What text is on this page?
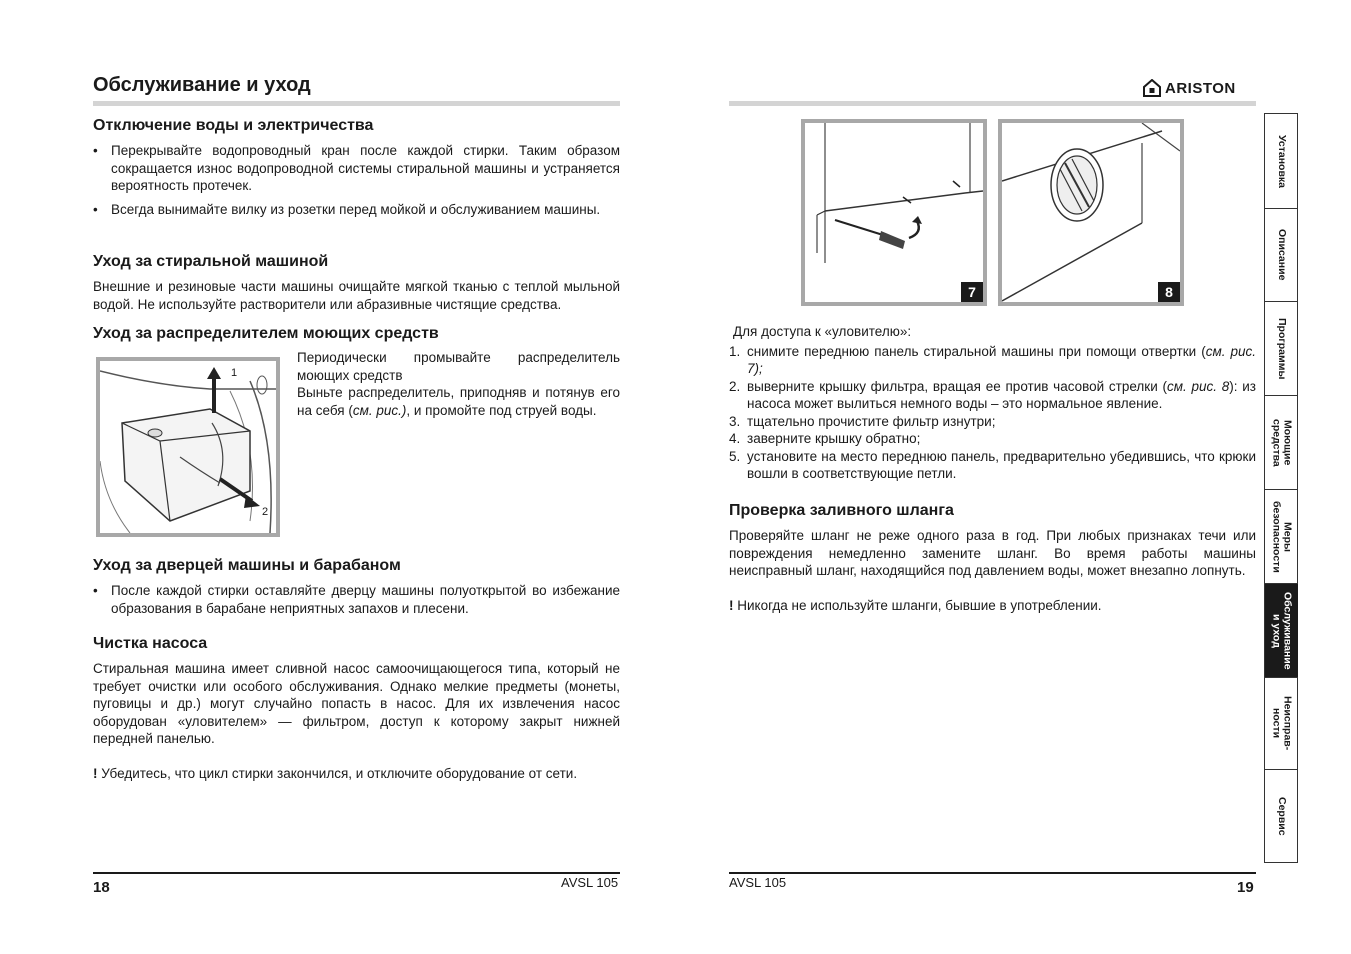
Обслуживание и уход
Отключение воды и электричества

• Перекрывайте водопроводный кран после каждой стирки. Таким образом сокращается износ водопроводной системы стиральной машины и устраняется вероятность протечек.

• Всегда вынимайте вилку из розетки перед мойкой и обслуживанием машины.

Уход за стиральной машиной

Внешние и резиновые части машины очищайте мягкой тканью с теплой мыльной водой. Не используйте растворители или абразивные чистящие средства.

Уход за распределителем моющих средств
1
2

Периодически промывайте распределитель моющих средств

Выньте распределитель, приподняв и потянув его на себя (см. рис.), и промойте под струей воды.

Уход за дверцей машины и барабаном

• После каждой стирки оставляйте дверцу машины полуоткрытой во избежание образования в барабане неприятных запахов и плесени.

Чистка насоса

Стиральная машина имеет сливной насос самоочищающегося типа, который не требует очистки или особого обслуживания. Однако мелкие предметы (монеты, пуговицы и др.) могут случайно попасть в насос. Для их извлечения насос оборудован «уловителем» — фильтром, доступ к которому закрыт нижней передней панелью.

! Убедитесь, что цикл стирки закончился, и отключите оборудование от сети.

18	AVSL 105
ARISTON
7	8

Для доступа к «уловителю»:

1. снимите переднюю панель стиральной машины при помощи отвертки (см. рис. 7);
2. выверните крышку фильтра, вращая ее против часовой стрелки (см. рис. 8): из насоса может вылиться немного воды – это нормальное явление.
3. тщательно прочистите фильтр изнутри;
4. заверните крышку обратно;
5. установите на место переднюю панель, предварительно убедившись, что крюки вошли в соответствующие петли.
Проверка заливного шланга

Проверяйте шланг не реже одного раза в год. При любых признаках течи или повреждения немедленно замените шланг. Во время работы машины неисправный шланг, находящийся под давлением воды, может внезапно лопнуть.

! Никогда не используйте шланги, бывшие в употреблении.

AVSL 105	19
Установка
Описание
Программы
Моющие
средства
Меры
безопасности
Обслуживание
и уход
Неисправ-
ности
Сервис
